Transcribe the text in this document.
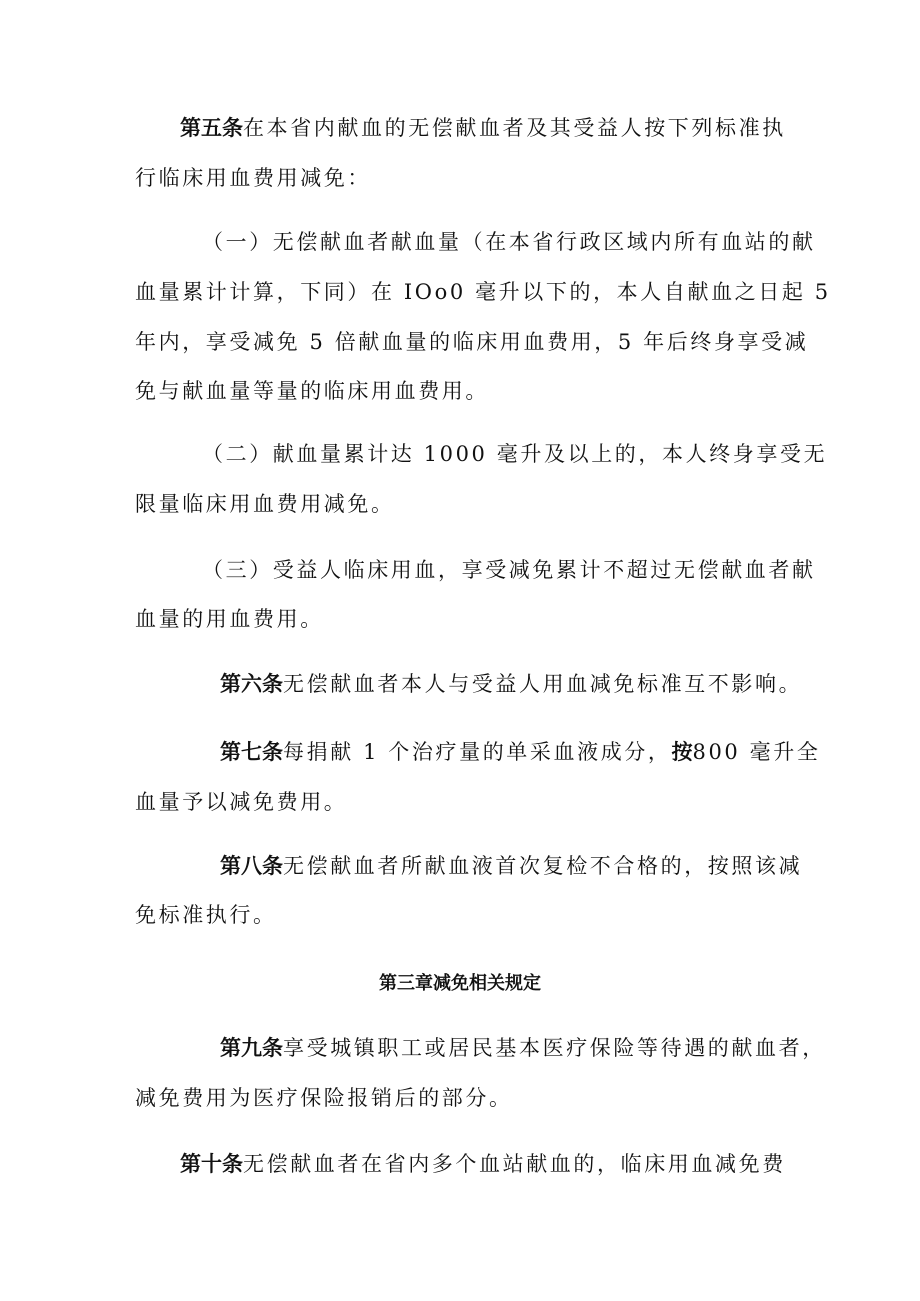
第五条在本省内献血的无偿献血者及其受益人按下列标准执
行临床用血费用减免：
（一）无偿献血者献血量（在本省行政区域内所有血站的献
血量累计计算，下同）在 IOo0 毫升以下的，本人自献血之日起 5
年内，享受减免 5 倍献血量的临床用血费用，5 年后终身享受减
免与献血量等量的临床用血费用。
（二）献血量累计达 1000 毫升及以上的，本人终身享受无
限量临床用血费用减免。
（三）受益人临床用血，享受减免累计不超过无偿献血者献
血量的用血费用。
第六条无偿献血者本人与受益人用血减免标准互不影响。
第七条每捐献 1 个治疗量的单采血液成分，按800 毫升全
血量予以减免费用。
第八条无偿献血者所献血液首次复检不合格的，按照该减
免标准执行。
第三章减免相关规定
第九条享受城镇职工或居民基本医疗保险等待遇的献血者，
减免费用为医疗保险报销后的部分。
第十条无偿献血者在省内多个血站献血的，临床用血减免费
